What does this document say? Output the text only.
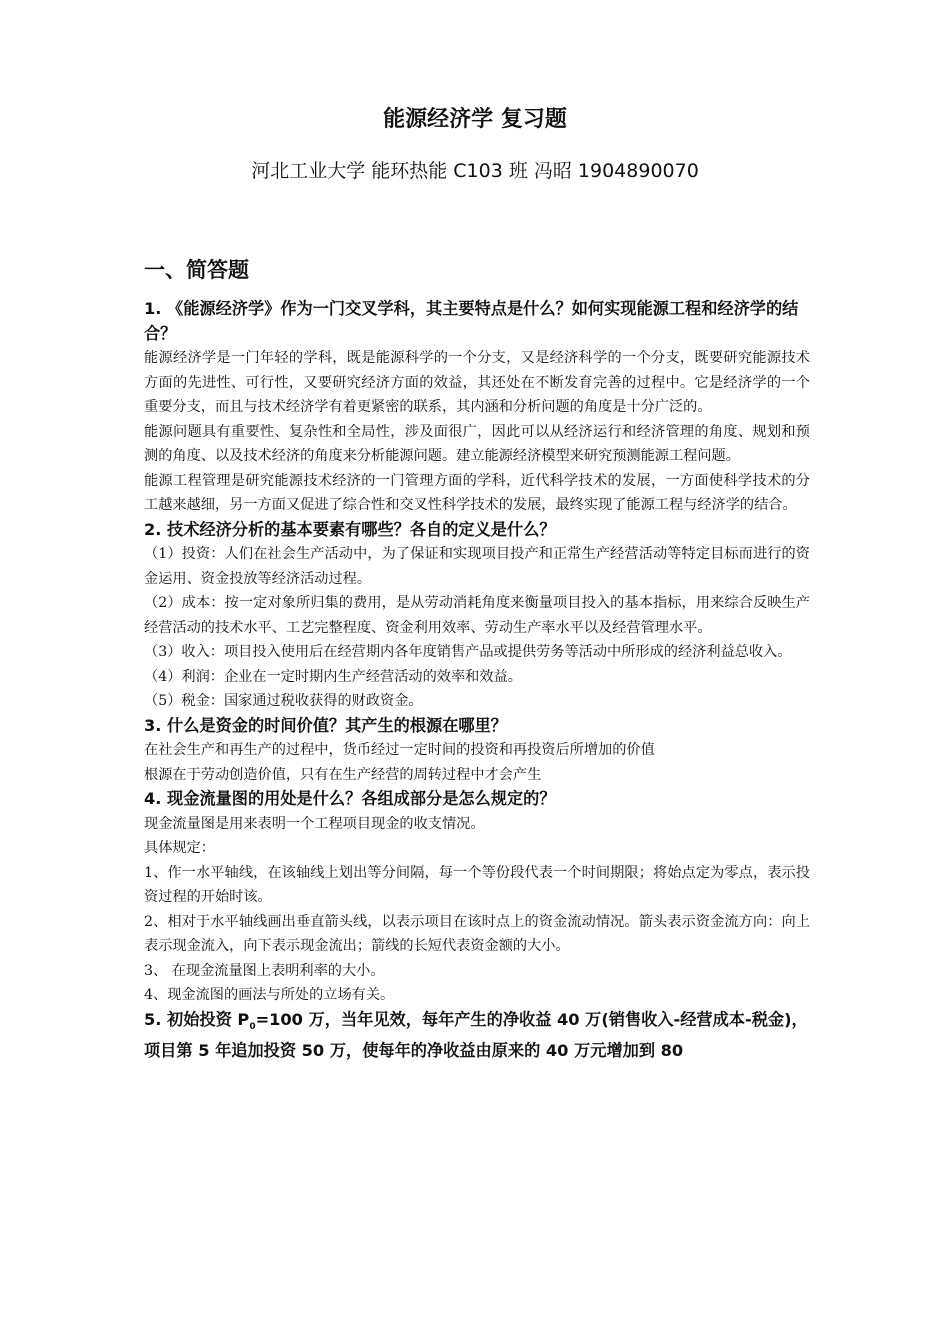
能源经济学 复习题
河北工业大学 能环热能 C103 班 冯昭 1904890070
一、简答题

1. 《能源经济学》作为一门交叉学科，其主要特点是什么？如何实现能源工程和经济学的结合？

能源经济学是一门年轻的学科，既是能源科学的一个分支，又是经济科学的一个分支，既要研究能源技术方面的先进性、可行性，又要研究经济方面的效益，其还处在不断发育完善的过程中。它是经济学的一个重要分支，而且与技术经济学有着更紧密的联系，其内涵和分析问题的角度是十分广泛的。

能源问题具有重要性、复杂性和全局性，涉及面很广，因此可以从经济运行和经济管理的角度、规划和预测的角度、以及技术经济的角度来分析能源问题。建立能源经济模型来研究预测能源工程问题。

能源工程管理是研究能源技术经济的一门管理方面的学科，近代科学技术的发展，一方面使科学技术的分工越来越细，另一方面又促进了综合性和交叉性科学技术的发展，最终实现了能源工程与经济学的结合。

2. 技术经济分析的基本要素有哪些？各自的定义是什么？

（1）投资：人们在社会生产活动中，为了保证和实现项目投产和正常生产经营活动等特定目标而进行的资金运用、资金投放等经济活动过程。

（2）成本：按一定对象所归集的费用，是从劳动消耗角度来衡量项目投入的基本指标，用来综合反映生产经营活动的技术水平、工艺完整程度、资金利用效率、劳动生产率水平以及经营管理水平。

（3）收入：项目投入使用后在经营期内各年度销售产品或提供劳务等活动中所形成的经济利益总收入。

（4）利润：企业在一定时期内生产经营活动的效率和效益。

（5）税金：国家通过税收获得的财政资金。

3. 什么是资金的时间价值？其产生的根源在哪里？

在社会生产和再生产的过程中，货币经过一定时间的投资和再投资后所增加的价值

根源在于劳动创造价值，只有在生产经营的周转过程中才会产生

4. 现金流量图的用处是什么？各组成部分是怎么规定的？

现金流量图是用来表明一个工程项目现金的收支情况。

具体规定：

1、作一水平轴线，在该轴线上划出等分间隔，每一个等份段代表一个时间期限；将始点定为零点，表示投资过程的开始时该。

2、相对于水平轴线画出垂直箭头线，以表示项目在该时点上的资金流动情况。箭头表示资金流方向：向上表示现金流入，向下表示现金流出；箭线的长短代表资金额的大小。

3、 在现金流量图上表明利率的大小。

4、现金流图的画法与所处的立场有关。

5. 初始投资 $P_0=100$ 万，当年见效，每年产生的净收益 40 万(销售收入-经营成本-税金)，项目第 5 年追加投资 50 万，使每年的净收益由原来的 40 万元增加到 80
